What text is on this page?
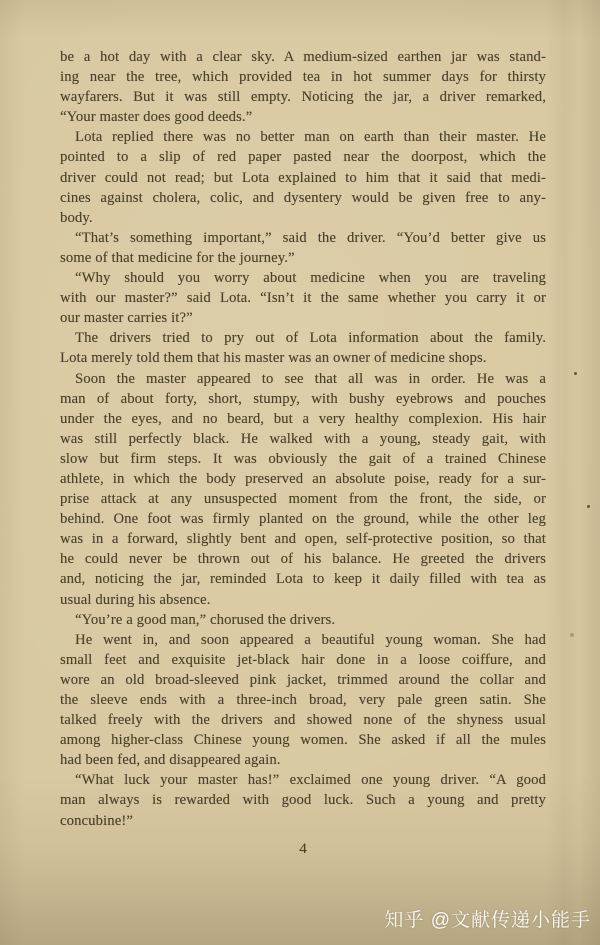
be a hot day with a clear sky. A medium-sized earthen jar was stand-
ing near the tree, which provided tea in hot summer days for thirsty
wayfarers. But it was still empty. Noticing the jar, a driver remarked,
“Your master does good deeds.”
Lota replied there was no better man on earth than their master. He
pointed to a slip of red paper pasted near the doorpost, which the
driver could not read; but Lota explained to him that it said that medi-
cines against cholera, colic, and dysentery would be given free to any-
body.
“That’s something important,” said the driver. “You’d better give us
some of that medicine for the journey.”
“Why should you worry about medicine when you are traveling
with our master?” said Lota. “Isn’t it the same whether you carry it or
our master carries it?”
The drivers tried to pry out of Lota information about the family.
Lota merely told them that his master was an owner of medicine shops.
Soon the master appeared to see that all was in order. He was a
man of about forty, short, stumpy, with bushy eyebrows and pouches
under the eyes, and no beard, but a very healthy complexion. His hair
was still perfectly black. He walked with a young, steady gait, with
slow but firm steps. It was obviously the gait of a trained Chinese
athlete, in which the body preserved an absolute poise, ready for a sur-
prise attack at any unsuspected moment from the front, the side, or
behind. One foot was firmly planted on the ground, while the other leg
was in a forward, slightly bent and open, self-protective position, so that
he could never be thrown out of his balance. He greeted the drivers
and, noticing the jar, reminded Lota to keep it daily filled with tea as
usual during his absence.
“You’re a good man,” chorused the drivers.
He went in, and soon appeared a beautiful young woman. She had
small feet and exquisite jet-black hair done in a loose coiffure, and
wore an old broad-sleeved pink jacket, trimmed around the collar and
the sleeve ends with a three-inch broad, very pale green satin. She
talked freely with the drivers and showed none of the shyness usual
among higher-class Chinese young women. She asked if all the mules
had been fed, and disappeared again.
“What luck your master has!” exclaimed one young driver. “A good
man always is rewarded with good luck. Such a young and pretty
concubine!”
4
知乎 @文献传递小能手
